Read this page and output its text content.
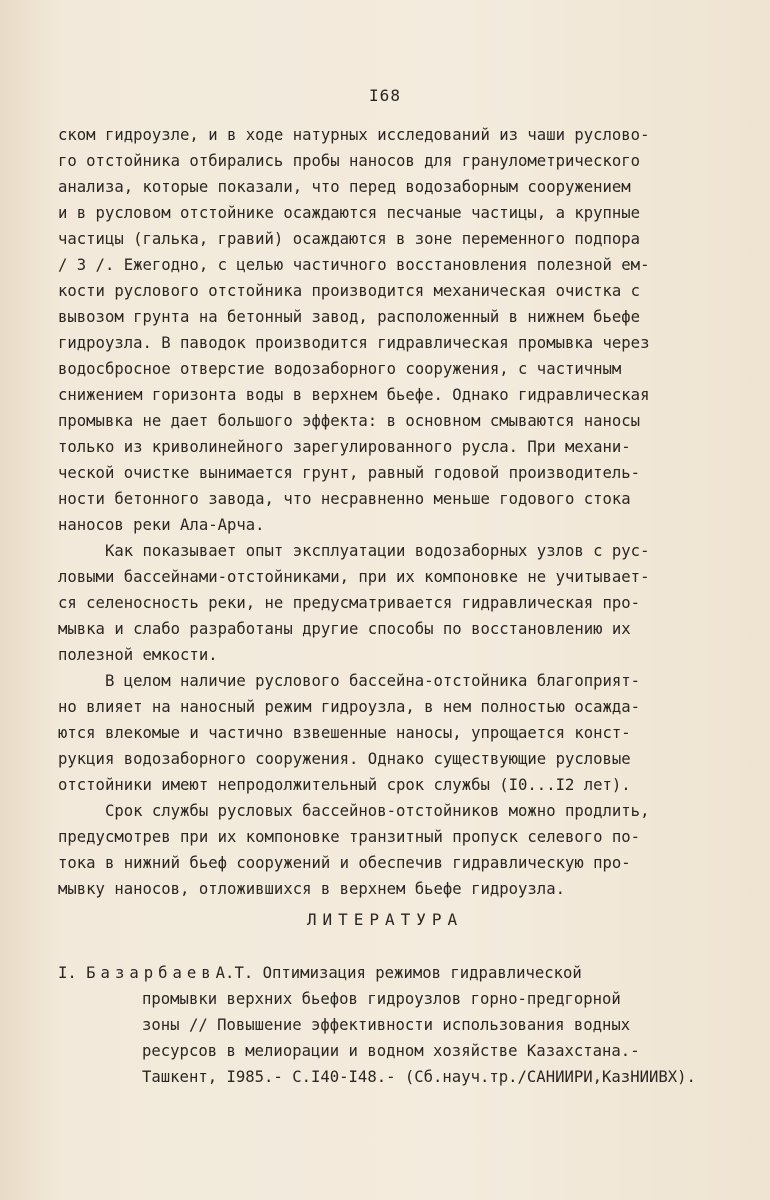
I68
ском гидроузле, и в ходе натурных исследований из чаши руслово-
го отстойника отбирались пробы наносов для гранулометрического
анализа, которые показали, что перед водозаборным сооружением
и в русловом отстойнике осаждаются песчаные частицы, а крупные
частицы (галька, гравий) осаждаются в зоне переменного подпора
/ 3 /. Ежегодно, с целью частичного восстановления полезной ем-
кости руслового отстойника производится механическая очистка с
вывозом грунта на бетонный завод, расположенный в нижнем бьефе
гидроузла. В паводок производится гидравлическая промывка через
водосбросное отверстие водозаборного сооружения, с частичным
снижением горизонта воды в верхнем бьефе. Однако гидравлическая
промывка не дает большого эффекта: в основном смываются наносы
только из криволинейного зарегулированного русла. При механи-
ческой очистке вынимается грунт, равный годовой производитель-
ности бетонного завода, что несравненно меньше годового стока
наносов реки Ала-Арча.
Как показывает опыт эксплуатации водозаборных узлов с рус-
ловыми бассейнами-отстойниками, при их компоновке не учитывает-
ся селеносность реки, не предусматривается гидравлическая про-
мывка и слабо разработаны другие способы по восстановлению их
полезной емкости.
В целом наличие руслового бассейна-отстойника благоприят-
но влияет на наносный режим гидроузла, в нем полностью осажда-
ются влекомые и частично взвешенные наносы, упрощается конст-
рукция водозаборного сооружения. Однако существующие русловые
отстойники имеют непродолжительный срок службы (I0...I2 лет).
Срок службы русловых бассейнов-отстойников можно продлить,
предусмотрев при их компоновке транзитный пропуск селевого по-
тока в нижний бьеф сооружений и обеспечив гидравлическую про-
мывку наносов, отложившихся в верхнем бьефе гидроузла.
ЛИТЕРАТУРА
I. БазарбаевА.Т. Оптимизация режимов гидравлической
промывки верхних бьефов гидроузлов горно-предгорной
зоны // Повышение эффективности использования водных
ресурсов в мелиорации и водном хозяйстве Казахстана.-
Ташкент, I985.- С.I40-I48.- (Сб.науч.тр./САНИИРИ,КазНИИВХ).
